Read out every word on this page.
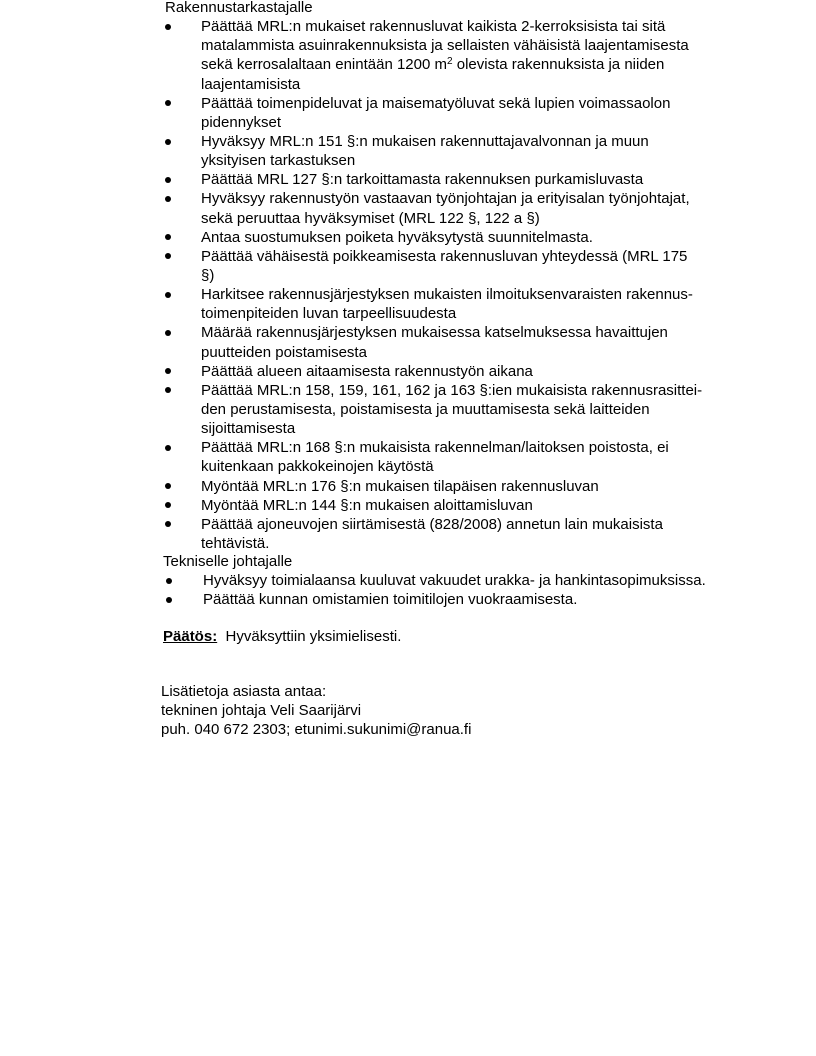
Rakennustarkastajalle
Päättää MRL:n mukaiset rakennusluvat kaikista 2-kerroksisista tai sitä
matalammista asuinrakennuksista ja sellaisten vähäisistä laajentamisesta
sekä kerrosalaltaan enintään 1200 $m^2$ olevista rakennuksista ja niiden
laajentamisista
Päättää toimenpideluvat ja maisematyöluvat sekä lupien voimassaolon
pidennykset
Hyväksyy MRL:n 151 §:n mukaisen rakennuttajavalvonnan ja muun
yksityisen tarkastuksen
Päättää MRL 127 §:n tarkoittamasta rakennuksen purkamisluvasta
Hyväksyy rakennustyön vastaavan työnjohtajan ja erityisalan työnjohtajat,
sekä peruuttaa hyväksymiset (MRL 122 §, 122 a §)
Antaa suostumuksen poiketa hyväksytystä suunnitelmasta.
Päättää vähäisestä poikkeamisesta rakennusluvan yhteydessä (MRL 175
§)
Harkitsee rakennusjärjestyksen mukaisten ilmoituksenvaraisten rakennus-
toimenpiteiden luvan tarpeellisuudesta
Määrää rakennusjärjestyksen mukaisessa katselmuksessa havaittujen
puutteiden poistamisesta
Päättää alueen aitaamisesta rakennustyön aikana
Päättää MRL:n 158, 159, 161, 162 ja 163 §:ien mukaisista rakennusrasittei-
den perustamisesta, poistamisesta ja muuttamisesta sekä laitteiden
sijoittamisesta
Päättää MRL:n 168 §:n mukaisista rakennelman/laitoksen poistosta, ei
kuitenkaan pakkokeinojen käytöstä
Myöntää MRL:n 176 §:n mukaisen tilapäisen rakennusluvan
Myöntää MRL:n 144 §:n mukaisen aloittamisluvan
Päättää ajoneuvojen siirtämisestä (828/2008) annetun lain mukaisista
tehtävistä.
Tekniselle johtajalle
Hyväksyy toimialaansa kuuluvat vakuudet urakka- ja hankintasopimuksissa.
Päättää kunnan omistamien toimitilojen vuokraamisesta.
Päätös: Hyväksyttiin yksimielisesti.
Lisätietoja asiasta antaa:
tekninen johtaja Veli Saarijärvi
puh. 040 672 2303; etunimi.sukunimi@ranua.fi
